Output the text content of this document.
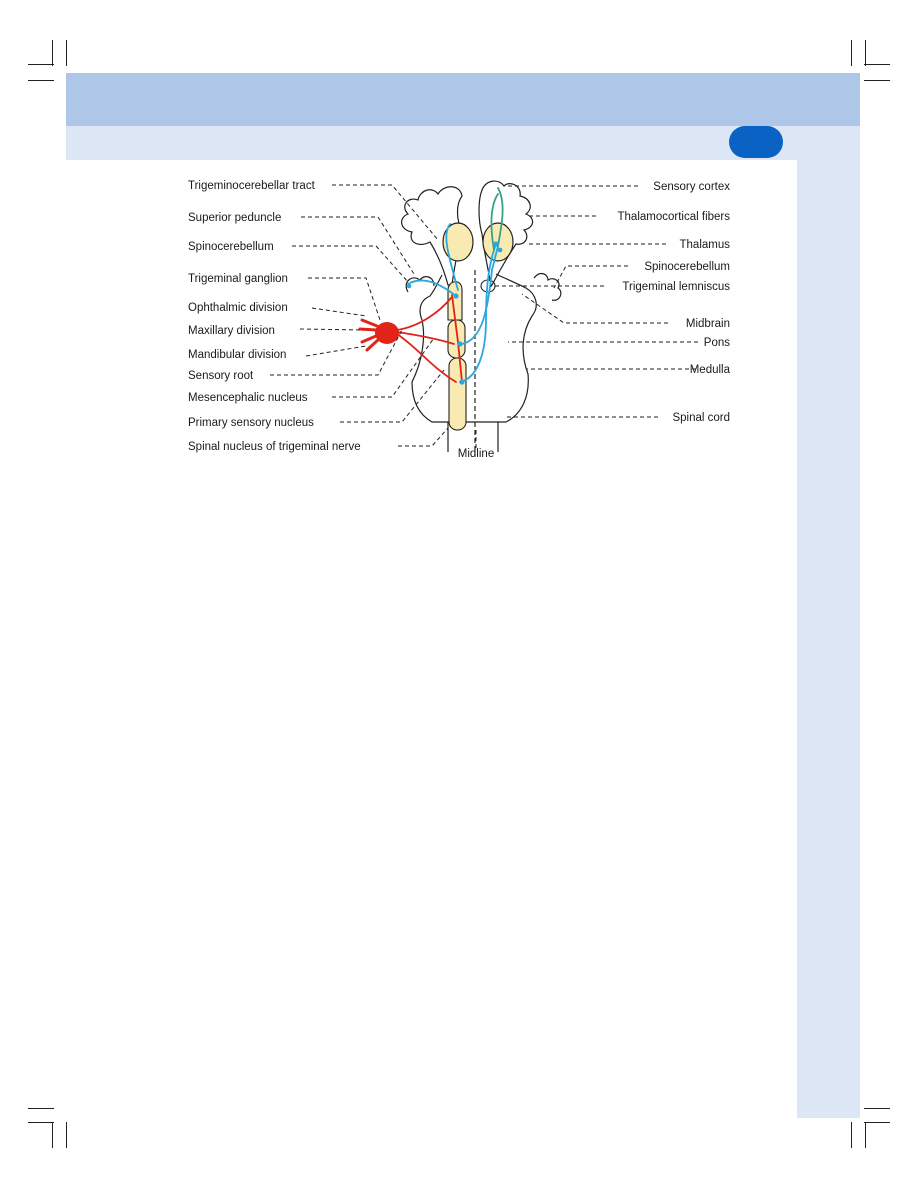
Trigeminocerebellar tract
Superior peduncle
Spinocerebellum
Trigeminal ganglion
Ophthalmic division
Maxillary division
Mandibular division
Sensory root
Mesencephalic nucleus
Primary sensory nucleus
Spinal nucleus of trigeminal nerve
Sensory cortex
Thalamocortical fibers
Thalamus
Spinocerebellum
Trigeminal lemniscus
Midbrain
Pons
Medulla
Spinal cord
Midline
